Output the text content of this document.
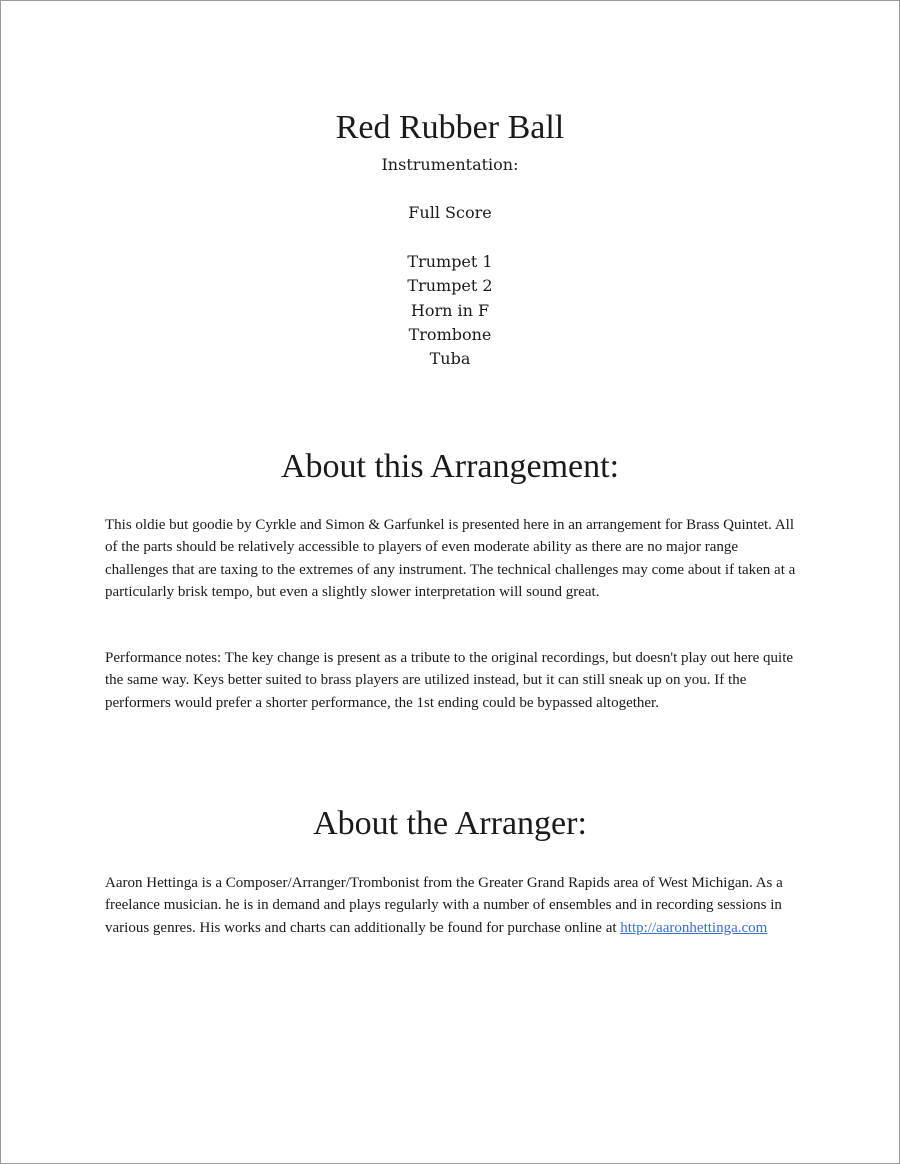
Red Rubber Ball
Instrumentation:
Full Score
Trumpet 1
Trumpet 2
Horn in F
Trombone
Tuba
About this Arrangement:

This oldie but goodie by Cyrkle and Simon & Garfunkel is presented here in an arrangement for Brass Quintet. All of the parts should be relatively accessible to players of even moderate ability as there are no major range challenges that are taxing to the extremes of any instrument. The technical challenges may come about if taken at a particularly brisk tempo, but even a slightly slower interpretation will sound great.

Performance notes: The key change is present as a tribute to the original recordings, but doesn't play out here quite the same way. Keys better suited to brass players are utilized instead, but it can still sneak up on you. If the performers would prefer a shorter performance, the 1st ending could be bypassed altogether.

About the Arranger:

Aaron Hettinga is a Composer/Arranger/Trombonist from the Greater Grand Rapids area of West Michigan. As a freelance musician. he is in demand and plays regularly with a number of ensembles and in recording sessions in various genres. His works and charts can additionally be found for purchase online at http://aaronhettinga.com
